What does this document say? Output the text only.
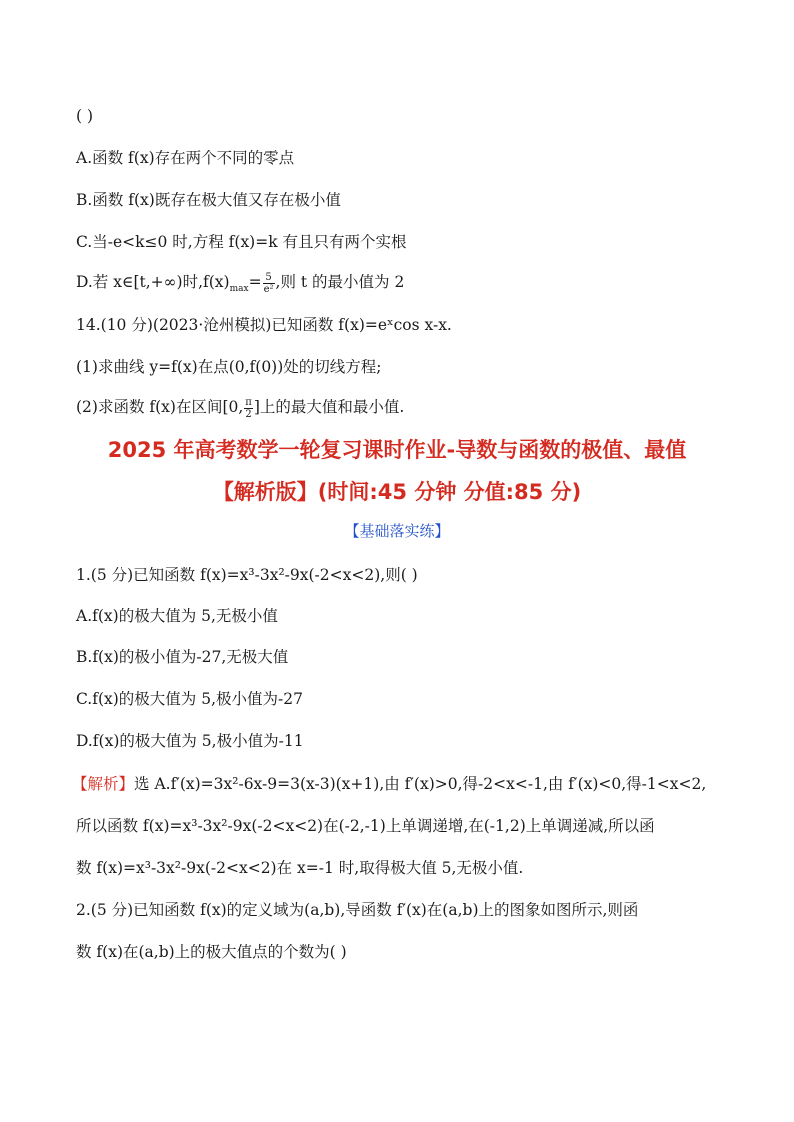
( )
A.函数 f(x)存在两个不同的零点
B.函数 f(x)既存在极大值又存在极小值
C.当-e<k≤0 时,方程 f(x)=k 有且只有两个实根
D.若 x∈[t,+∞)时$,f(x)_{max}= \frac{5}{\text{e²}}$ ,则 t 的最小值为 2
14.(10 分)(2023·沧州模拟)已知函数 f(x)=eˣcos x-x.
(1)求曲线 y=f(x)在点(0,f(0))处的切线方程;
(2)求函数 f(x)在区间[0, $\frac{\pi}{2}$ ]上的最大值和最小值.
2025 年高考数学一轮复习课时作业-导数与函数的极值、最值
【解析版】(时间:45 分钟 分值:85 分)
【基础落实练】
1.(5 分)已知函数 f(x)=x³-3x²-9x(-2<x<2),则( )
A.f(x)的极大值为 5,无极小值
B.f(x)的极小值为-27,无极大值
C.f(x)的极大值为 5,极小值为-27
D.f(x)的极大值为 5,极小值为-11
【解析】选 A.f′(x)=3x²-6x-9=3(x-3)(x+1),由 f′(x)>0,得-2<x<-1,由 f′(x)<0,得-1<x<2,
所以函数 f(x)=x³-3x²-9x(-2<x<2)在(-2,-1)上单调递增,在(-1,2)上单调递减,所以函
数 f(x)=x³-3x²-9x(-2<x<2)在 x=-1 时,取得极大值 5,无极小值.
2.(5 分)已知函数 f(x)的定义域为(a,b),导函数 f′(x)在(a,b)上的图象如图所示,则函
数 f(x)在(a,b)上的极大值点的个数为( )
